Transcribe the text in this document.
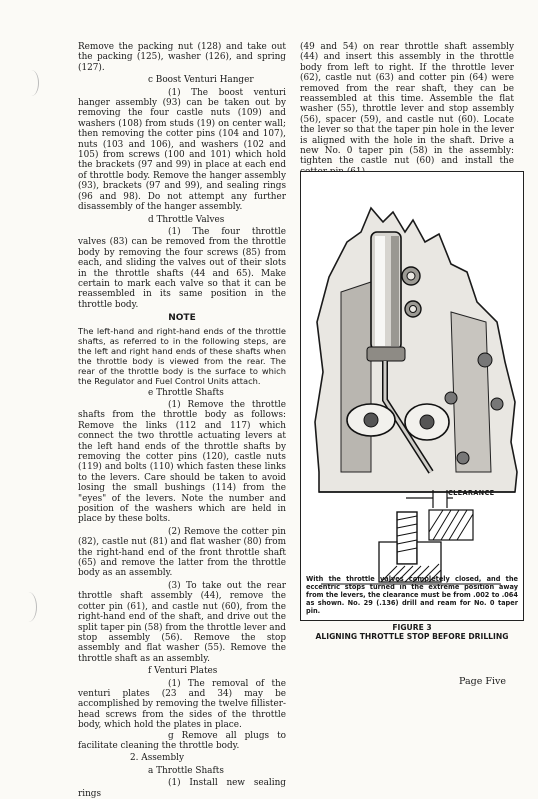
Remove the packing nut (128) and take out the packing (125), washer (126), and spring (127).

c Boost Venturi Hanger

(1) The boost venturi hanger assembly (93) can be taken out by removing the four castle nuts (109) and washers (108) from studs (19) on center wall; then removing the cotter pins (104 and 107), nuts (103 and 106), and washers (102 and 105) from screws (100 and 101) which hold the brackets (97 and 99) in place at each end of throttle body. Remove the hanger assembly (93), brackets (97 and 99), and sealing rings (96 and 98). Do not attempt any further disassembly of the hanger assembly.

d Throttle Valves

(1) The four throttle valves (83) can be removed from the throttle body by removing the four screws (85) from each, and sliding the valves out of their slots in the throttle shafts (44 and 65). Make certain to mark each valve so that it can be reassembled in its same position in the throttle body.

NOTE

The left-hand and right-hand ends of the throttle shafts, as referred to in the following steps, are the left and right hand ends of these shafts when the throttle body is viewed from the rear. The rear of the throttle body is the surface to which the Regulator and Fuel Control Units attach.

e Throttle Shafts

(1) Remove the throttle shafts from the throttle body as follows: Remove the links (112 and 117) which connect the two throttle actuating levers at the left hand ends of the throttle shafts by removing the cotter pins (120), castle nuts (119) and bolts (110) which fasten these links to the levers. Care should be taken to avoid losing the small bushings (114) from the "eyes" of the levers. Note the number and position of the washers which are held in place by these bolts.

(2) Remove the cotter pin (82), castle nut (81) and flat washer (80) from the right-hand end of the front throttle shaft (65) and remove the latter from the throttle body as an assembly.

(3) To take out the rear throttle shaft assembly (44), remove the cotter pin (61), and castle nut (60), from the right-hand end of the shaft, and drive out the split taper pin (58) from the throttle lever and stop assembly (56). Remove the stop assembly and flat washer (55). Remove the throttle shaft as an assembly.

f Venturi Plates

(1) The removal of the venturi plates (23 and 34) may be accomplished by removing the twelve fillister-head screws from the sides of the throttle body, which hold the plates in place.

g Remove all plugs to facilitate cleaning the throttle body.

2. Assembly

a Throttle Shafts

(1) Install new sealing rings

(49 and 54) on rear throttle shaft assembly (44) and insert this assembly in the throttle body from left to right. If the throttle lever (62), castle nut (63) and cotter pin (64) were removed from the rear shaft, they can be reassembled at this time. Assemble the flat washer (55), throttle lever and stop assembly (56), spacer (59), and castle nut (60). Locate the lever so that the taper pin hole in the lever is aligned with the hole in the shaft. Drive a new No. 0 taper pin (58) in the assembly: tighten the castle nut (60) and install the

CLEARANCE

With the throttle valves completely closed, and the eccentric stops turned in the extreme position away from the levers, the clearance must be from .002 to .064 as shown. No. 29 (.136) drill and ream for No. 0 taper pin.

FIGURE 3
ALIGNING THROTTLE STOP BEFORE DRILLING
Page Five
